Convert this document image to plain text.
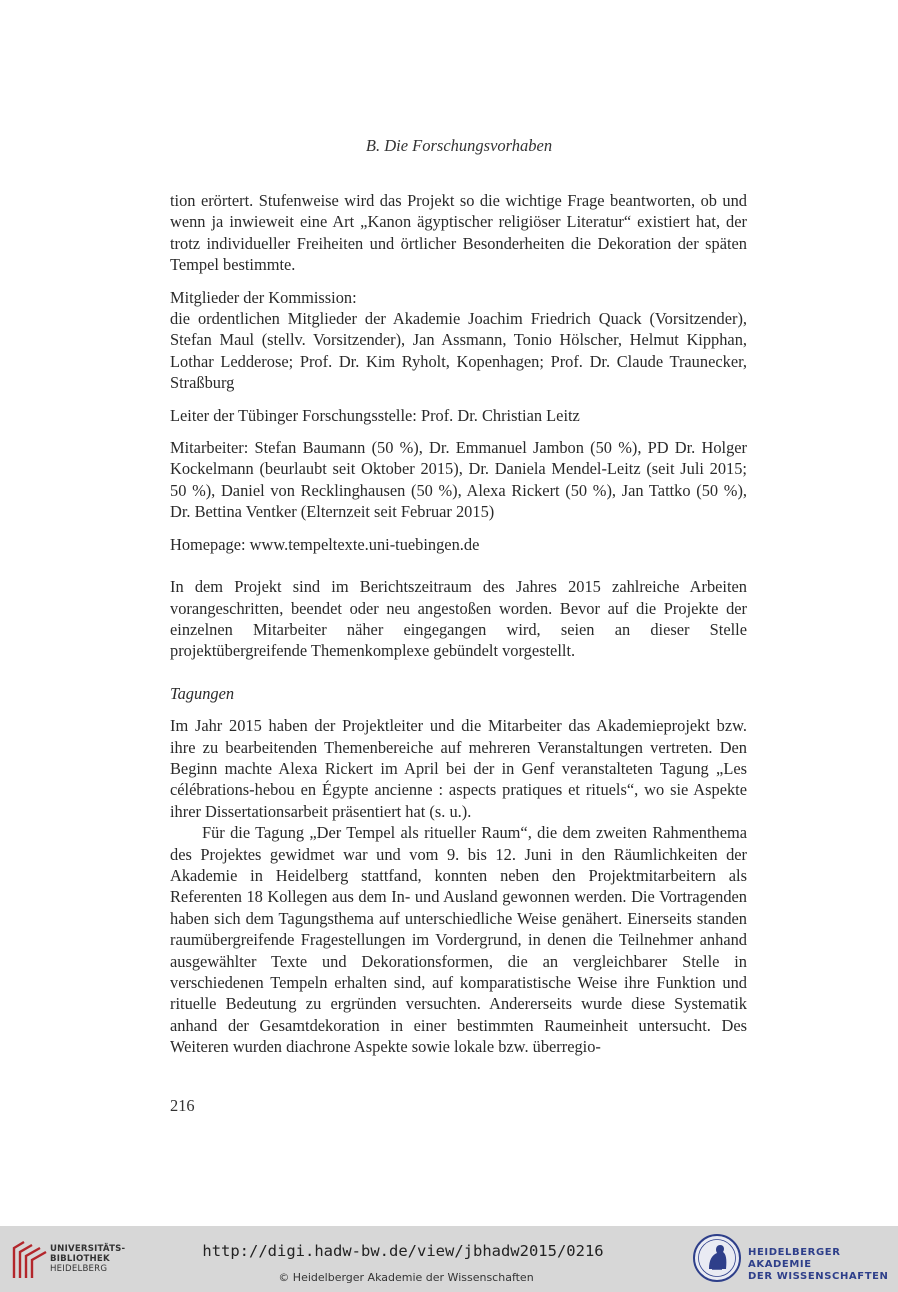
B. Die Forschungsvorhaben

tion erörtert. Stufenweise wird das Projekt so die wichtige Frage beantworten, ob und wenn ja inwieweit eine Art „Kanon ägyptischer religiöser Literatur“ existiert hat, der trotz individueller Freiheiten und örtlicher Besonderheiten die Dekoration der späten Tempel bestimmte.

Mitglieder der Kommission:

die ordentlichen Mitglieder der Akademie Joachim Friedrich Quack (Vorsitzender), Stefan Maul (stellv. Vorsitzender), Jan Assmann, Tonio Hölscher, Helmut Kipphan, Lothar Ledderose; Prof. Dr. Kim Ryholt, Kopenhagen; Prof. Dr. Claude Traunecker, Straßburg

Leiter der Tübinger Forschungsstelle: Prof. Dr. Christian Leitz

Mitarbeiter: Stefan Baumann (50 %), Dr. Emmanuel Jambon (50 %), PD Dr. Holger Kockelmann (beurlaubt seit Oktober 2015), Dr. Daniela Mendel-Leitz (seit Juli 2015; 50 %), Daniel von Recklinghausen (50 %), Alexa Rickert (50 %), Jan Tattko (50 %), Dr. Bettina Ventker (Elternzeit seit Februar 2015)

Homepage: www.tempeltexte.uni-tuebingen.de

In dem Projekt sind im Berichtszeitraum des Jahres 2015 zahlreiche Arbeiten vorangeschritten, beendet oder neu angestoßen worden. Bevor auf die Projekte der einzelnen Mitarbeiter näher eingegangen wird, seien an dieser Stelle projektübergreifende Themenkomplexe gebündelt vorgestellt.

Tagungen

Im Jahr 2015 haben der Projektleiter und die Mitarbeiter das Akademieprojekt bzw. ihre zu bearbeitenden Themenbereiche auf mehreren Veranstaltungen vertreten. Den Beginn machte Alexa Rickert im April bei der in Genf veranstalteten Tagung „Les célébrations-hebou en Égypte ancienne : aspects pratiques et rituels“, wo sie Aspekte ihrer Dissertationsarbeit präsentiert hat (s. u.).

Für die Tagung „Der Tempel als ritueller Raum“, die dem zweiten Rahmenthema des Projektes gewidmet war und vom 9. bis 12. Juni in den Räumlichkeiten der Akademie in Heidelberg stattfand, konnten neben den Projektmitarbeitern als Referenten 18 Kollegen aus dem In- und Ausland gewonnen werden. Die Vortragenden haben sich dem Tagungsthema auf unterschiedliche Weise genähert. Einerseits standen raumübergreifende Fragestellungen im Vordergrund, in denen die Teilnehmer anhand ausgewählter Texte und Dekorationsformen, die an vergleichbarer Stelle in verschiedenen Tempeln erhalten sind, auf komparatistische Weise ihre Funktion und rituelle Bedeutung zu ergründen versuchten. Andererseits wurde diese Systematik anhand der Gesamtdekoration in einer bestimmten Raumeinheit untersucht. Des Weiteren wurden diachrone Aspekte sowie lokale bzw. überregio-

216
UNIVERSITÄTS-
BIBLIOTHEK
HEIDELBERG
http://digi.hadw-bw.de/view/jbhadw2015/0216
© Heidelberger Akademie der Wissenschaften
HEIDELBERGER AKADEMIE
DER WISSENSCHAFTEN
